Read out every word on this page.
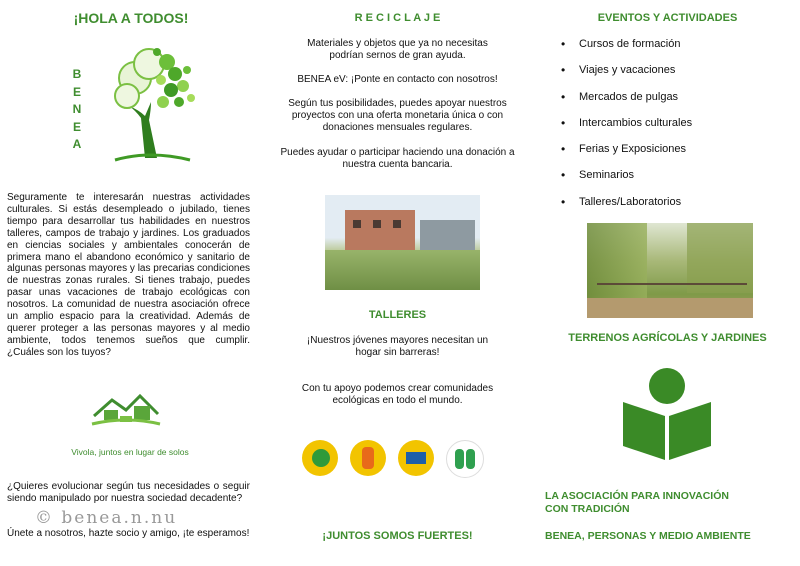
¡HOLA A TODOS!
B
E
N
E
A
Seguramente te interesarán nuestras actividades culturales. Si estás desempleado o jubilado, tienes tiempo para desarrollar tus habilidades en nuestros talleres, campos de trabajo y jardines. Los graduados en ciencias sociales y ambientales conocerán de primera mano el abandono económico y sanitario de algunas personas mayores y las precarias condiciones de nuestras zonas rurales. Si tienes trabajo, puedes pasar unas vacaciones de trabajo ecológicas con nosotros. La comunidad de nuestra asociación ofrece un amplio espacio para la creatividad. Además de querer proteger a las personas mayores y al medio ambiente, todos tenemos sueños que cumplir. ¿Cuáles son los tuyos?
Vivola, juntos en lugar de solos
¿Quieres evolucionar según tus necesidades o seguir siendo manipulado por nuestra sociedad decadente?
Únete a nosotros, hazte socio y amigo, ¡te esperamos!
© benea.n.nu
R E C I C L A J E
Materiales y objetos que ya no necesitas podrían sernos de gran ayuda.
BENEA eV: ¡Ponte en contacto con nosotros!
Según tus posibilidades, puedes apoyar nuestros proyectos con una oferta monetaria única o con donaciones mensuales regulares.
Puedes ayudar o participar haciendo una donación a nuestra cuenta bancaria.
TALLERES
¡Nuestros jóvenes mayores necesitan un hogar sin barreras!
Con tu apoyo podemos crear comunidades ecológicas en todo el mundo.
¡JUNTOS SOMOS FUERTES!
EVENTOS Y ACTIVIDADES
• Cursos de formación
• Viajes y vacaciones
• Mercados de pulgas
• Intercambios culturales
• Ferias y Exposiciones
• Seminarios
• Talleres/Laboratorios
TERRENOS AGRÍCOLAS Y JARDINES
LA ASOCIACIÓN PARA INNOVACIÓN
CON TRADICIÓN
BENEA, PERSONAS Y MEDIO AMBIENTE
